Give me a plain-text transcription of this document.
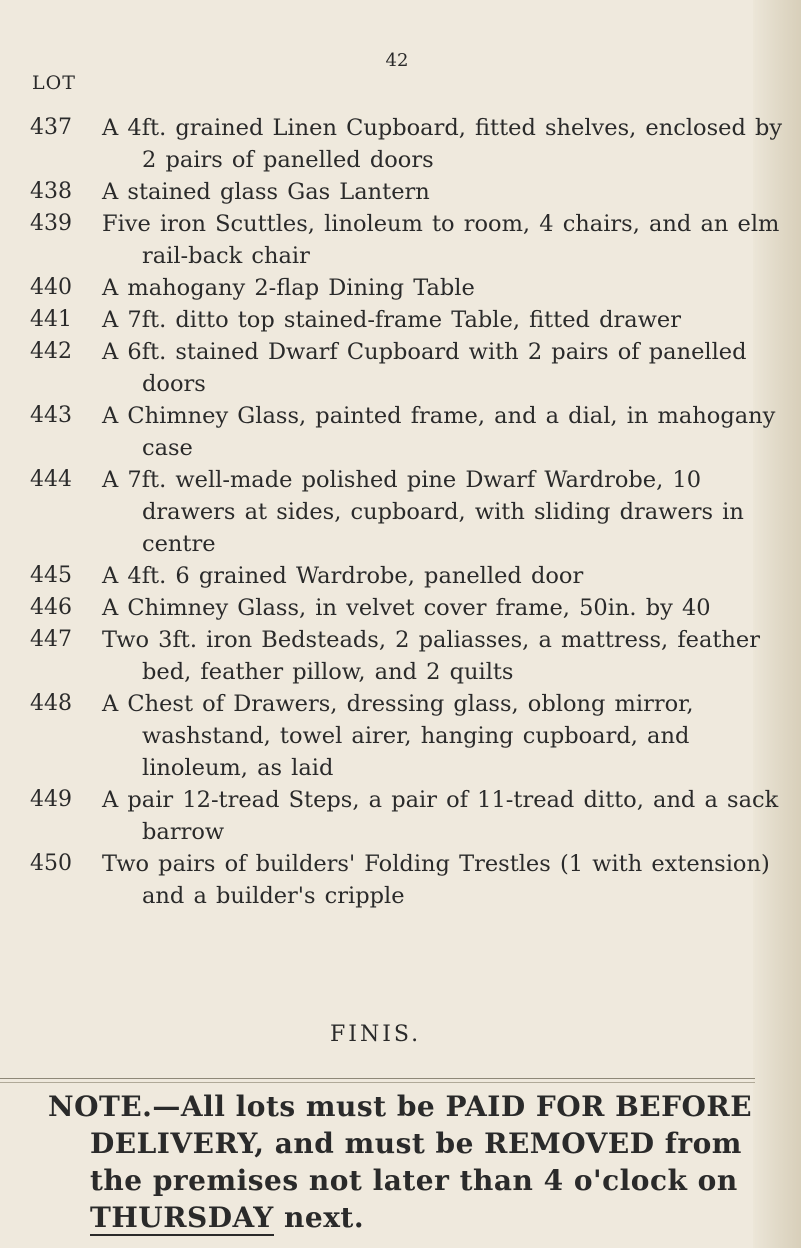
42
LOT
437	A 4ft. grained Linen Cupboard, fitted shelves, enclosed by 2 pairs of panelled doors
438	A stained glass Gas Lantern
439	Five iron Scuttles, linoleum to room, 4 chairs, and an elm rail-back chair
440	A mahogany 2-flap Dining Table
441	A 7ft. ditto top stained-frame Table, fitted drawer
442	A 6ft. stained Dwarf Cupboard with 2 pairs of panelled doors
443	A Chimney Glass, painted frame, and a dial, in mahogany case
444	A 7ft. well-made polished pine Dwarf Wardrobe, 10 drawers at sides, cupboard, with sliding drawers in centre
445	A 4ft. 6 grained Wardrobe, panelled door
446	A Chimney Glass, in velvet cover frame, 50in. by 40
447	Two 3ft. iron Bedsteads, 2 paliasses, a mattress, feather bed, feather pillow, and 2 quilts
448	A Chest of Drawers, dressing glass, oblong mirror, washstand, towel airer, hanging cupboard, and linoleum, as laid
449	A pair 12-tread Steps, a pair of 11-tread ditto, and a sack barrow
450	Two pairs of builders' Folding Trestles (1 with extension) and a builder's cripple
FINIS.
NOTE.—All lots must be PAID FOR BEFORE
DELIVERY, and must be REMOVED from
the premises not later than 4 o'clock on
THURSDAY next.
